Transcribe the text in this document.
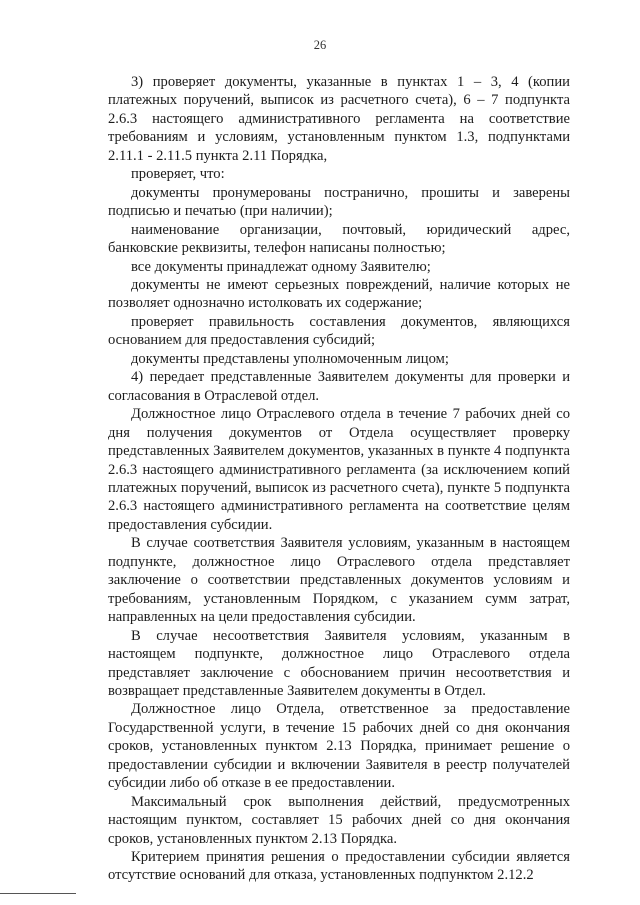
26

3) проверяет документы, указанные в пунктах 1 – 3, 4 (копии платежных поручений, выписок из расчетного счета), 6 – 7 подпункта 2.6.3 настоящего административного регламента на соответствие требованиям и условиям, установленным пунктом 1.3, подпунктами 2.11.1 - 2.11.5 пункта 2.11 Порядка,

проверяет, что:

документы пронумерованы постранично, прошиты и заверены подписью и печатью (при наличии);

наименование организации, почтовый, юридический адрес, банковские реквизиты, телефон написаны полностью;

все документы принадлежат одному Заявителю;

документы не имеют серьезных повреждений, наличие которых не позволяет однозначно истолковать их содержание;

проверяет правильность составления документов, являющихся основанием для предоставления субсидий;

документы представлены уполномоченным лицом;

4) передает представленные Заявителем документы для проверки и согласования в Отраслевой отдел.

Должностное лицо Отраслевого отдела в течение 7 рабочих дней со дня получения документов от Отдела осуществляет проверку представленных Заявителем документов, указанных в пункте 4 подпункта 2.6.3 настоящего административного регламента (за исключением копий платежных поручений, выписок из расчетного счета), пункте 5 подпункта 2.6.3 настоящего административного регламента на соответствие целям предоставления субсидии.

В случае соответствия Заявителя условиям, указанным в настоящем подпункте, должностное лицо Отраслевого отдела представляет заключение о соответствии представленных документов условиям и требованиям, установленным Порядком, с указанием сумм затрат, направленных на цели предоставления субсидии.

В случае несоответствия Заявителя условиям, указанным в настоящем подпункте, должностное лицо Отраслевого отдела представляет заключение с обоснованием причин несоответствия и возвращает представленные Заявителем документы в Отдел.

Должностное лицо Отдела, ответственное за предоставление Государственной услуги, в течение 15 рабочих дней со дня окончания сроков, установленных пунктом 2.13 Порядка, принимает решение о предоставлении субсидии и включении Заявителя в реестр получателей субсидии либо об отказе в ее предоставлении.

Максимальный срок выполнения действий, предусмотренных настоящим пунктом, составляет 15 рабочих дней со дня окончания сроков, установленных пунктом 2.13 Порядка.

Критерием принятия решения о предоставлении субсидии является отсутствие оснований для отказа, установленных подпунктом 2.12.2
